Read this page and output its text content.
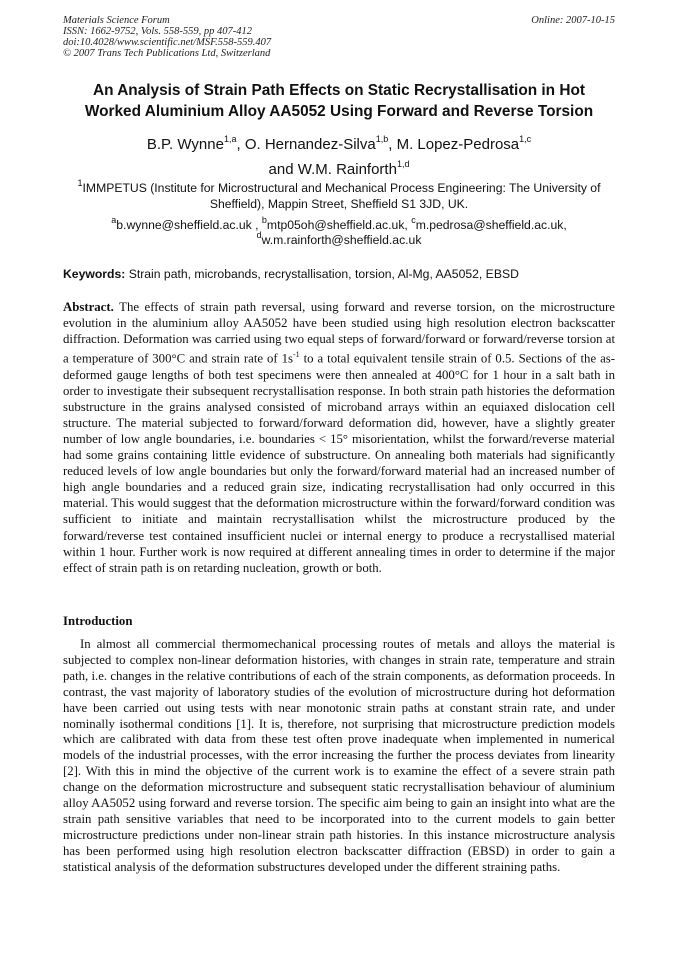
Materials Science Forum
ISSN: 1662-9752, Vols. 558-559, pp 407-412
doi:10.4028/www.scientific.net/MSF.558-559.407
© 2007 Trans Tech Publications Ltd, Switzerland
Online: 2007-10-15
An Analysis of Strain Path Effects on Static Recrystallisation in Hot Worked Aluminium Alloy AA5052 Using Forward and Reverse Torsion
B.P. Wynne$^{1,a}$, O. Hernandez-Silva$^{1,b}$, M. Lopez-Pedrosa$^{1,c}$
and W.M. Rainforth$^{1,d}$
$^1$IMMPETUS (Institute for Microstructural and Mechanical Process Engineering: The University of Sheffield), Mappin Street, Sheffield S1 3JD, UK.
$^a$b.wynne@sheffield.ac.uk , $^b$mtp05oh@sheffield.ac.uk, $^c$m.pedrosa@sheffield.ac.uk,
$^d$w.m.rainforth@sheffield.ac.uk
Keywords: Strain path, microbands, recrystallisation, torsion, Al-Mg, AA5052, EBSD
Abstract. The effects of strain path reversal, using forward and reverse torsion, on the microstructure evolution in the aluminium alloy AA5052 have been studied using high resolution electron backscatter diffraction. Deformation was carried using two equal steps of forward/forward or forward/reverse torsion at a temperature of 300°C and strain rate of $1s^{-1}$ to a total equivalent tensile strain of 0.5. Sections of the as-deformed gauge lengths of both test specimens were then annealed at 400°C for 1 hour in a salt bath in order to investigate their subsequent recrystallisation response. In both strain path histories the deformation substructure in the grains analysed consisted of microband arrays within an equiaxed dislocation cell structure. The material subjected to forward/forward deformation did, however, have a slightly greater number of low angle boundaries, i.e. boundaries < 15° misorientation, whilst the forward/reverse material had some grains containing little evidence of substructure. On annealing both materials had significantly reduced levels of low angle boundaries but only the forward/forward material had an increased number of high angle boundaries and a reduced grain size, indicating recrystallisation had only occurred in this material. This would suggest that the deformation microstructure within the forward/forward condition was sufficient to initiate and maintain recrystallisation whilst the microstructure produced by the forward/reverse test contained insufficient nuclei or internal energy to produce a recrystallised material within 1 hour. Further work is now required at different annealing times in order to determine if the major effect of strain path is on retarding nucleation, growth or both.
Introduction
In almost all commercial thermomechanical processing routes of metals and alloys the material is subjected to complex non-linear deformation histories, with changes in strain rate, temperature and strain path, i.e. changes in the relative contributions of each of the strain components, as deformation proceeds. In contrast, the vast majority of laboratory studies of the evolution of microstructure during hot deformation have been carried out using tests with near monotonic strain paths at constant strain rate, and under nominally isothermal conditions [1]. It is, therefore, not surprising that microstructure prediction models which are calibrated with data from these test often prove inadequate when implemented in numerical models of the industrial processes, with the error increasing the further the process deviates from linearity [2]. With this in mind the objective of the current work is to examine the effect of a severe strain path change on the deformation microstructure and subsequent static recrystallisation behaviour of aluminium alloy AA5052 using forward and reverse torsion. The specific aim being to gain an insight into what are the strain path sensitive variables that need to be incorporated into to the current models to gain better microstructure predictions under non-linear strain path histories. In this instance microstructure analysis has been performed using high resolution electron backscatter diffraction (EBSD) in order to gain a statistical analysis of the deformation substructures developed under the different straining paths.
